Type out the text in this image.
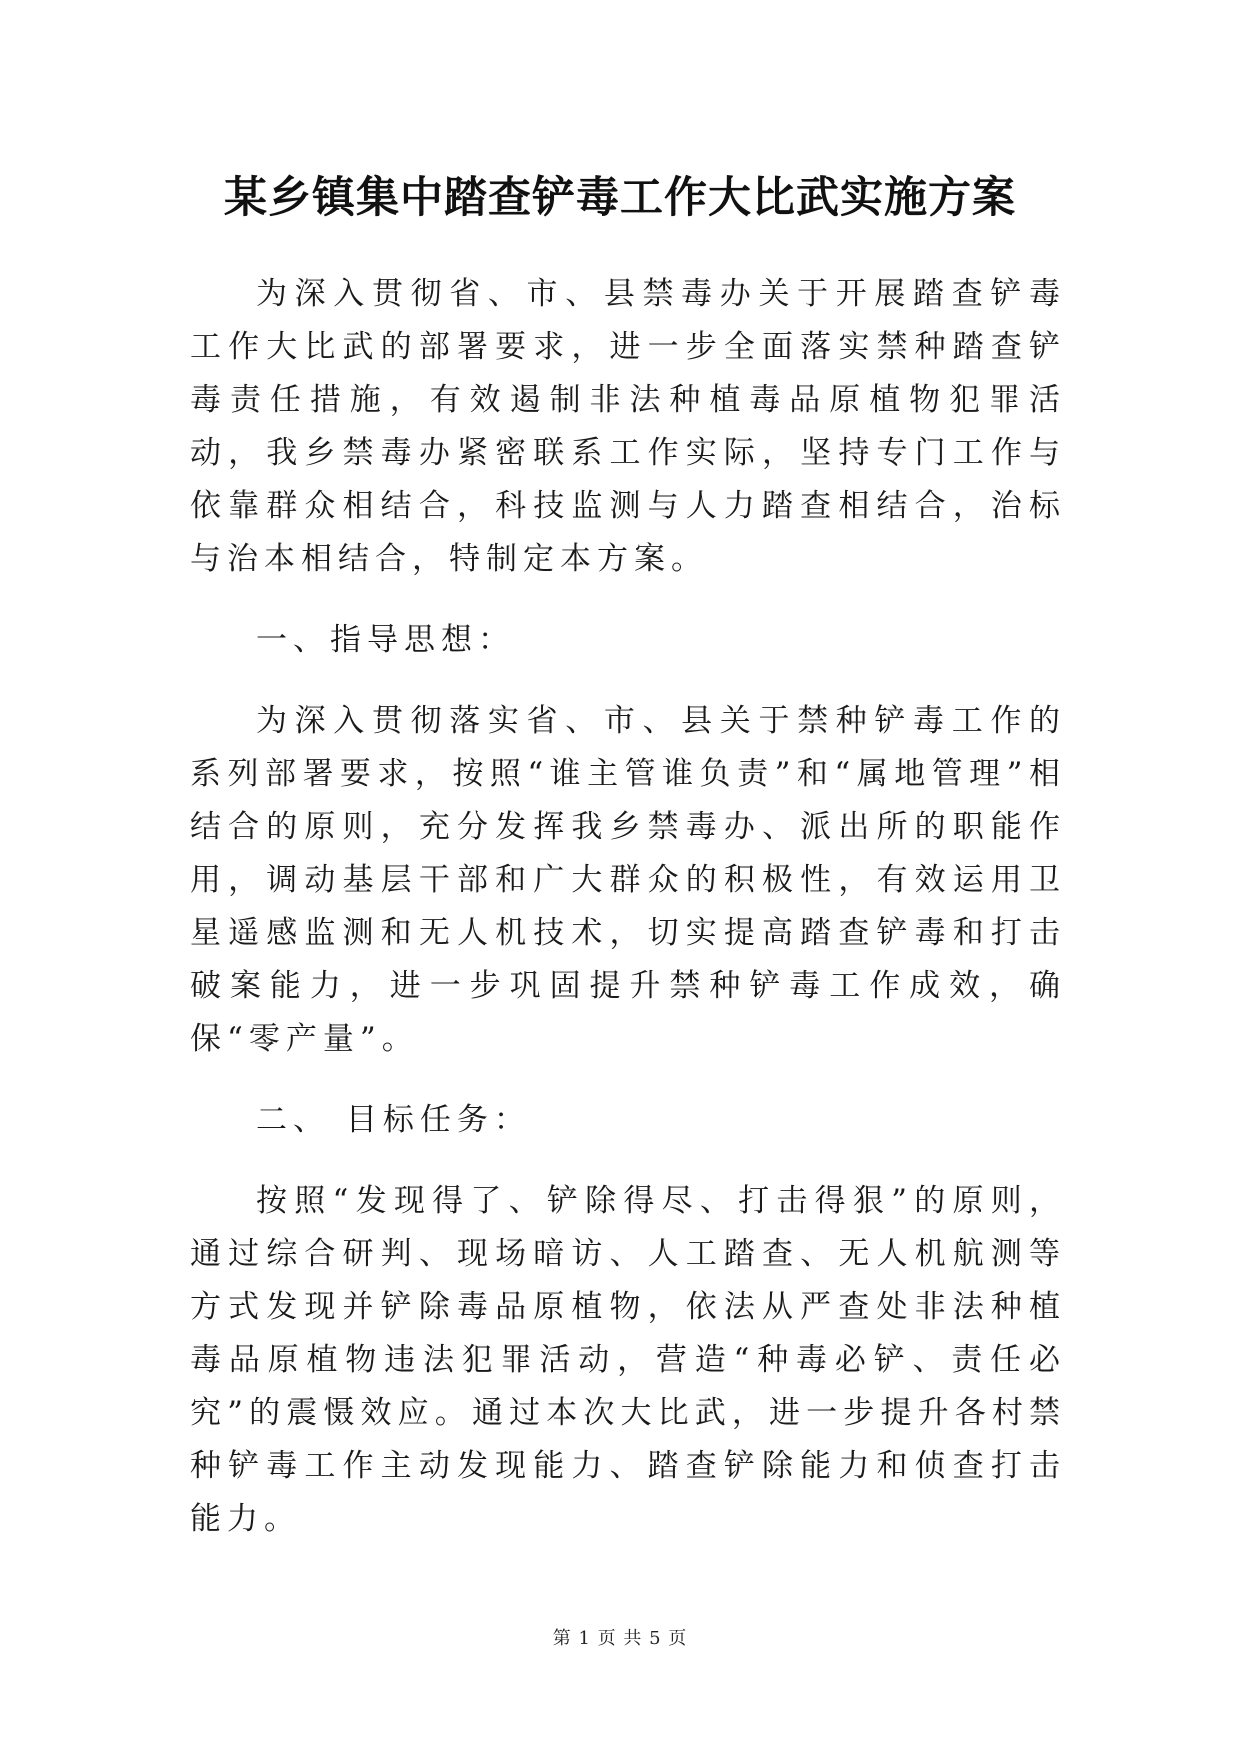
某乡镇集中踏查铲毒工作大比武实施方案

为深入贯彻省、市、县禁毒办关于开展踏查铲毒工作大比武的部署要求，进一步全面落实禁种踏查铲毒责任措施，有效遏制非法种植毒品原植物犯罪活动，我乡禁毒办紧密联系工作实际，坚持专门工作与依靠群众相结合，科技监测与人力踏查相结合，治标与治本相结合，特制定本方案。

一、指导思想：

为深入贯彻落实省、市、县关于禁种铲毒工作的系列部署要求，按照“谁主管谁负责”和“属地管理”相结合的原则，充分发挥我乡禁毒办、派出所的职能作用，调动基层干部和广大群众的积极性，有效运用卫星遥感监测和无人机技术，切实提高踏查铲毒和打击破案能力，进一步巩固提升禁种铲毒工作成效，确保“零产量”。

二、 目标任务：

按照“发现得了、铲除得尽、打击得狠”的原则，通过综合研判、现场暗访、人工踏查、无人机航测等方式发现并铲除毒品原植物，依法从严查处非法种植毒品原植物违法犯罪活动，营造“种毒必铲、责任必究”的震慑效应。通过本次大比武，进一步提升各村禁种铲毒工作主动发现能力、踏查铲除能力和侦查打击能力。

第 1 页 共 5 页
